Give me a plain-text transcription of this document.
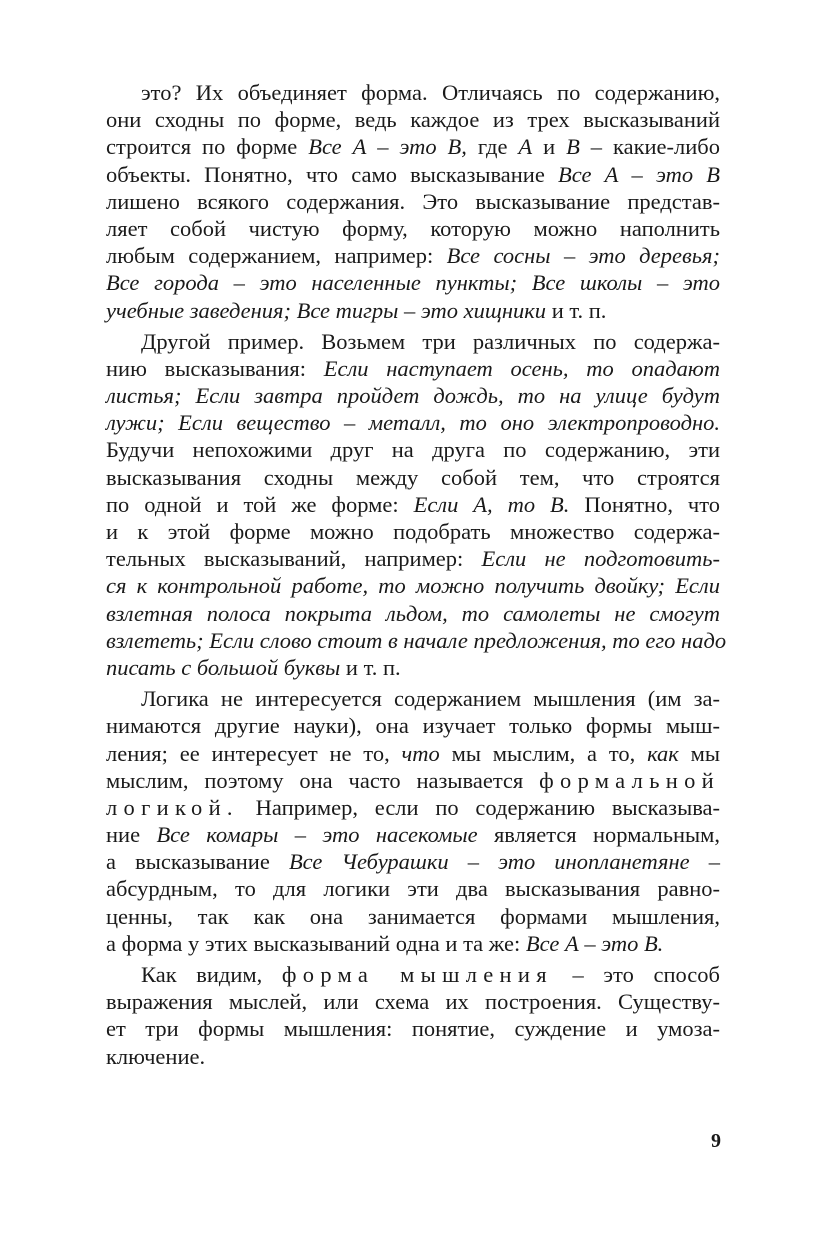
это? Их объединяет форма. Отличаясь по содержанию,
они сходны по форме, ведь каждое из трех высказываний
строится по форме Все А – это В, где А и В – какие-либо
объекты. Понятно, что само высказывание Все А – это В
лишено всякого содержания. Это высказывание представ-
ляет собой чистую форму, которую можно наполнить
любым содержанием, например: Все сосны – это деревья;
Все города – это населенные пункты; Все школы – это
учебные заведения; Все тигры – это хищники и т. п.
Другой пример. Возьмем три различных по содержа-
нию высказывания: Если наступает осень, то опадают
листья; Если завтра пройдет дождь, то на улице будут
лужи; Если вещество – металл, то оно электропроводно.
Будучи непохожими друг на друга по содержанию, эти
высказывания сходны между собой тем, что строятся
по одной и той же форме: Если А, то В. Понятно, что
и к этой форме можно подобрать множество содержа-
тельных высказываний, например: Если не подготовить-
ся к контрольной работе, то можно получить двойку; Если
взлетная полоса покрыта льдом, то самолеты не смогут
взлететь; Если слово стоит в начале предложения, то его надо
писать с большой буквы и т. п.
Логика не интересуется содержанием мышления (им за-
нимаются другие науки), она изучает только формы мыш-
ления; ее интересует не то, что мы мыслим, а то, как мы
мыслим, поэтому она часто называется формальной
логикой. Например, если по содержанию высказыва-
ние Все комары – это насекомые является нормальным,
а высказывание Все Чебурашки – это инопланетяне –
абсурдным, то для логики эти два высказывания равно-
ценны, так как она занимается формами мышления,
а форма у этих высказываний одна и та же: Все А – это В.
Как видим, форма мышления – это способ
выражения мыслей, или схема их построения. Существу-
ет три формы мышления: понятие, суждение и умоза-
ключение.
9
